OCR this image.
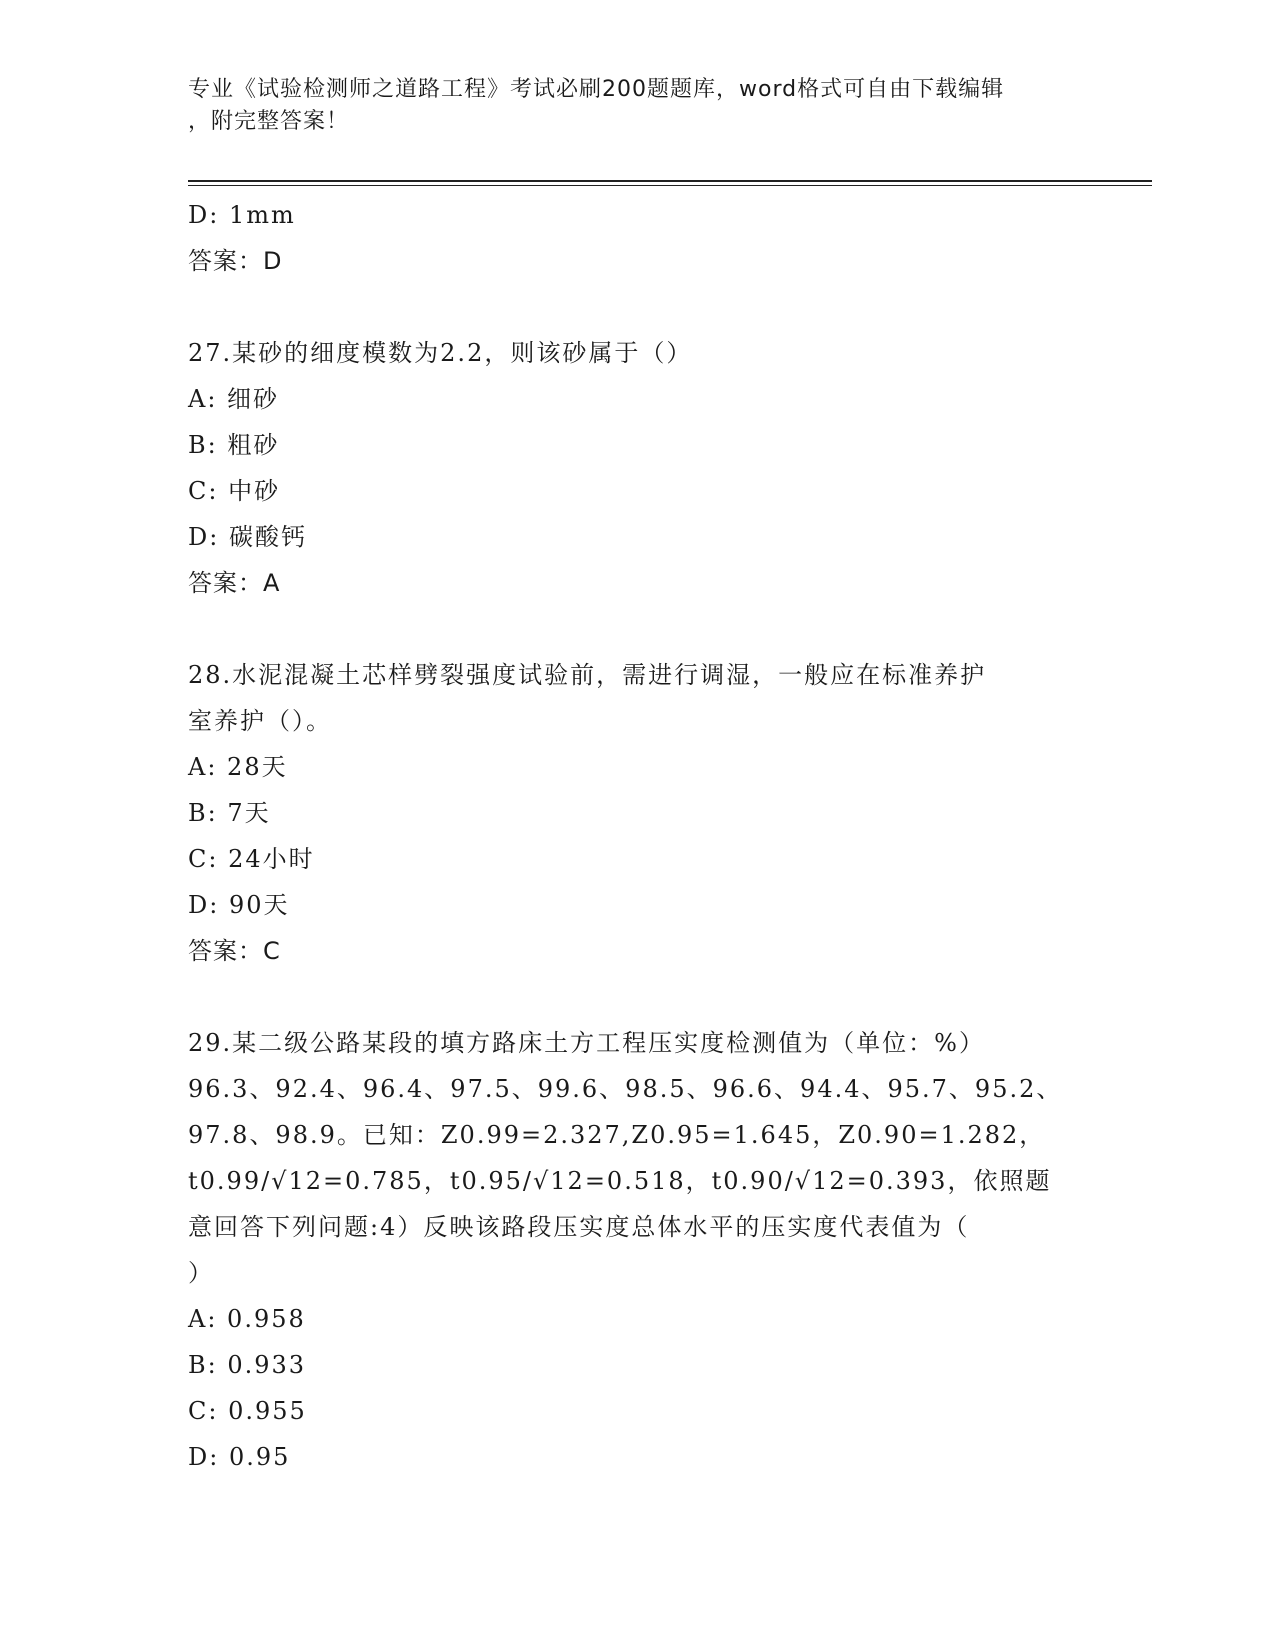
专业《试验检测师之道路工程》考试必刷200题题库，word格式可自由下载编辑
，附完整答案！
D: 1mm
答案：D
27.某砂的细度模数为2.2，则该砂属于（）
A: 细砂
B: 粗砂
C: 中砂
D: 碳酸钙
答案：A
28.水泥混凝土芯样劈裂强度试验前，需进行调湿，一般应在标准养护
室养护（）。
A: 28天
B: 7天
C: 24小时
D: 90天
答案：C
29.某二级公路某段的填方路床土方工程压实度检测值为（单位：%）
96.3、92.4、96.4、97.5、99.6、98.5、96.6、94.4、95.7、95.2、
97.8、98.9。已知：Z0.99=2.327,Z0.95=1.645，Z0.90=1.282，
t0.99/√12=0.785，t0.95/√12=0.518，t0.90/√12=0.393，依照题
意回答下列问题:4）反映该路段压实度总体水平的压实度代表值为（
）
A: 0.958
B: 0.933
C: 0.955
D: 0.95
